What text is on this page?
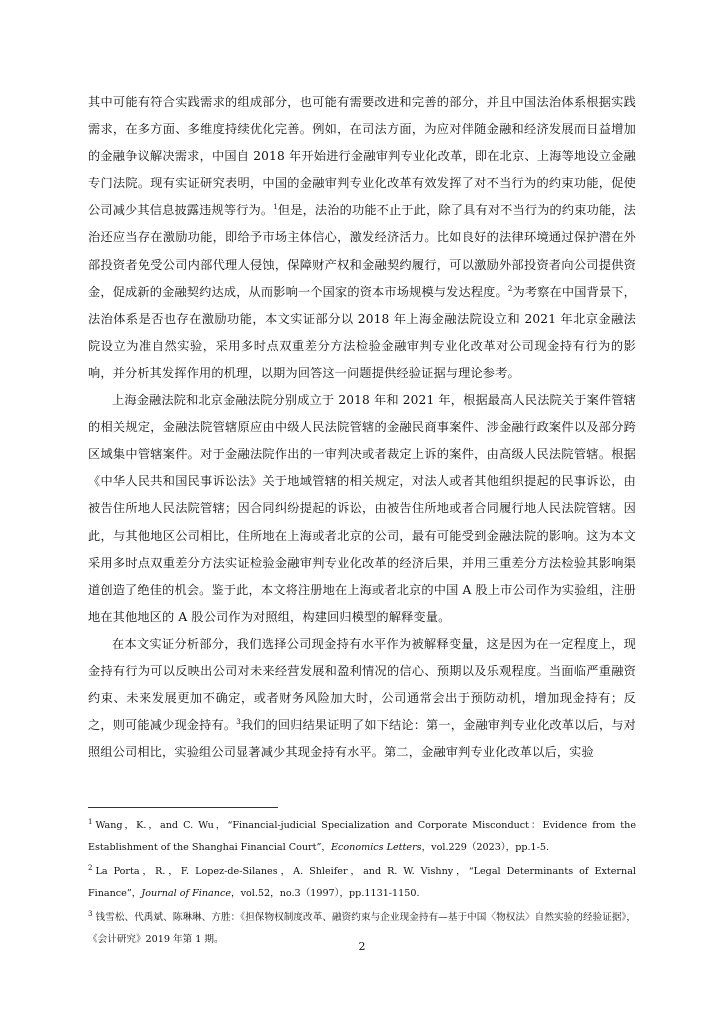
其中可能有符合实践需求的组成部分，也可能有需要改进和完善的部分，并且中国法治体系根据实践需求，在多方面、多维度持续优化完善。例如，在司法方面，为应对伴随金融和经济发展而日益增加的金融争议解决需求，中国自 2018 年开始进行金融审判专业化改革，即在北京、上海等地设立金融专门法院。现有实证研究表明，中国的金融审判专业化改革有效发挥了对不当行为的约束功能，促使公司减少其信息披露违规等行为。$^1$但是，法治的功能不止于此，除了具有对不当行为的约束功能，法治还应当存在激励功能，即给予市场主体信心，激发经济活力。比如良好的法律环境通过保护潜在外部投资者免受公司内部代理人侵蚀，保障财产权和金融契约履行，可以激励外部投资者向公司提供资金，促成新的金融契约达成，从而影响一个国家的资本市场规模与发达程度。$^2$为考察在中国背景下，法治体系是否也存在激励功能，本文实证部分以 2018 年上海金融法院设立和 2021 年北京金融法院设立为准自然实验，采用多时点双重差分方法检验金融审判专业化改革对公司现金持有行为的影响，并分析其发挥作用的机理，以期为回答这一问题提供经验证据与理论参考。

上海金融法院和北京金融法院分别成立于 2018 年和 2021 年，根据最高人民法院关于案件管辖的相关规定，金融法院管辖原应由中级人民法院管辖的金融民商事案件、涉金融行政案件以及部分跨区域集中管辖案件。对于金融法院作出的一审判决或者裁定上诉的案件，由高级人民法院管辖。根据《中华人民共和国民事诉讼法》关于地域管辖的相关规定，对法人或者其他组织提起的民事诉讼，由被告住所地人民法院管辖；因合同纠纷提起的诉讼，由被告住所地或者合同履行地人民法院管辖。因此，与其他地区公司相比，住所地在上海或者北京的公司，最有可能受到金融法院的影响。这为本文采用多时点双重差分方法实证检验金融审判专业化改革的经济后果，并用三重差分方法检验其影响渠道创造了绝佳的机会。鉴于此，本文将注册地在上海或者北京的中国 A 股上市公司作为实验组，注册地在其他地区的 A 股公司作为对照组，构建回归模型的解释变量。

在本文实证分析部分，我们选择公司现金持有水平作为被解释变量，这是因为在一定程度上，现金持有行为可以反映出公司对未来经营发展和盈利情况的信心、预期以及乐观程度。当面临严重融资约束、未来发展更加不确定，或者财务风险加大时，公司通常会出于预防动机，增加现金持有；反之，则可能减少现金持有。$^3$我们的回归结果证明了如下结论：第一，金融审判专业化改革以后，与对照组公司相比，实验组公司显著减少其现金持有水平。第二，金融审判专业化改革以后，实验

$^1$ Wang，K.，and C. Wu，“Financial-judicial Specialization and Corporate Misconduct：Evidence from the Establishment of the Shanghai Financial Court”，Economics Letters，vol.229（2023），pp.1-5.

$^2$ La Porta，R.，F. Lopez-de-Silanes，A. Shleifer，and R. W. Vishny，“Legal Determinants of External Finance”，Journal of Finance，vol.52，no.3（1997），pp.1131-1150.

$^3$ 钱雪松、代禹斌、陈琳琳、方胜：《担保物权制度改革、融资约束与企业现金持有—基于中国〈物权法〉自然实验的经验证据》，《会计研究》2019 年第 1 期。

2
